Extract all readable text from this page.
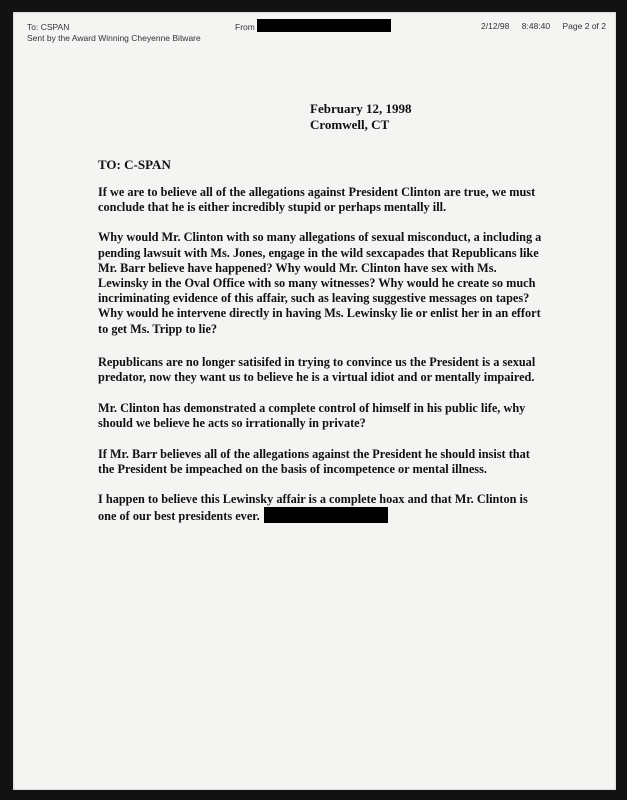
To: CSPAN
Sent by the Award Winning Cheyenne Bitware
From	2/12/98 8:48:40 Page 2 of 2
February 12, 1998
Cromwell, CT
TO: C-SPAN

If we are to believe all of the allegations against President Clinton are true, we must conclude that he is either incredibly stupid or perhaps mentally ill.

Why would Mr. Clinton with so many allegations of sexual misconduct, a including a pending lawsuit with Ms. Jones, engage in the wild sexcapades that Republicans like Mr. Barr believe have happened? Why would Mr. Clinton have sex with Ms. Lewinsky in the Oval Office with so many witnesses? Why would he create so much incriminating evidence of this affair, such as leaving suggestive messages on tapes? Why would he intervene directly in having Ms. Lewinsky lie or enlist her in an effort to get Ms. Tripp to lie?

Republicans are no longer satisifed in trying to convince us the President is a sexual predator, now they want us to believe he is a virtual idiot and or mentally impaired.

Mr. Clinton has demonstrated a complete control of himself in his public life, why should we believe he acts so irrationally in private?

If Mr. Barr believes all of the allegations against the President he should insist that the President be impeached on the basis of incompetence or mental illness.

I happen to believe this Lewinsky affair is a complete hoax and that Mr. Clinton is one of our best presidents ever.
